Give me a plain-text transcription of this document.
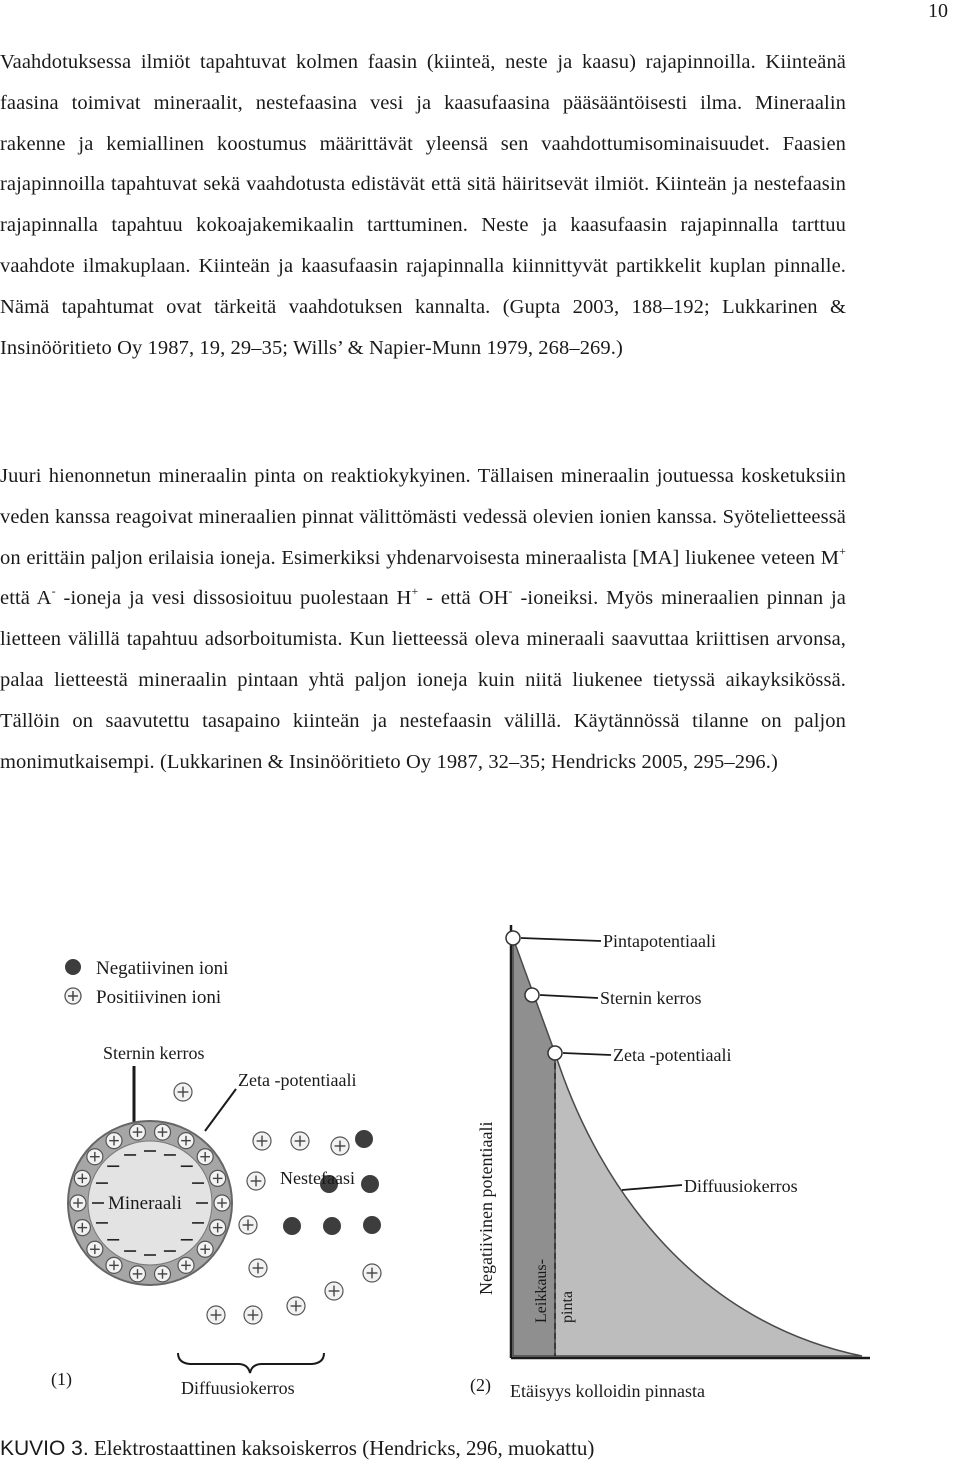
10

Vaahdotuksessa ilmiöt tapahtuvat kolmen faasin (kiinteä, neste ja kaasu) rajapinnoilla. Kiinteänä faasina toimivat mineraalit, nestefaasina vesi ja kaasufaasina pääsääntöisesti ilma. Mineraalin rakenne ja kemiallinen koostumus määrittävät yleensä sen vaahdottumisominaisuudet. Faasien rajapinnoilla tapahtuvat sekä vaahdotusta edistävät että sitä häiritsevät ilmiöt. Kiinteän ja nestefaasin rajapinnalla tapahtuu kokoajakemikaalin tarttuminen. Neste ja kaasufaasin rajapinnalla tarttuu vaahdote ilmakuplaan. Kiinteän ja kaasufaasin rajapinnalla kiinnittyvät partikkelit kuplan pinnalle. Nämä tapahtumat ovat tärkeitä vaahdotuksen kannalta. (Gupta 2003, 188–192; Lukkarinen & Insinööritieto Oy 1987, 19, 29–35; Wills’ & Napier-Munn 1979, 268–269.)

Juuri hienonnetun mineraalin pinta on reaktiokykyinen. Tällaisen mineraalin joutuessa kosketuksiin veden kanssa reagoivat mineraalien pinnat välittömästi vedessä olevien ionien kanssa. Syötelietteessä on erittäin paljon erilaisia ioneja. Esimerkiksi yhdenarvoisesta mineraalista [MA] liukenee veteen M+ että A- -ioneja ja vesi dissosioituu puolestaan H+ - että OH- -ioneiksi. Myös mineraalien pinnan ja lietteen välillä tapahtuu adsorboitumista. Kun lietteessä oleva mineraali saavuttaa kriittisen arvonsa, palaa lietteestä mineraalin pintaan yhtä paljon ioneja kuin niitä liukenee tietyssä aikayksikössä. Tällöin on saavutettu tasapaino kiinteän ja nestefaasin välillä. Käytännössä tilanne on paljon monimutkaisempi. (Lukkarinen & Insinööritieto Oy 1987, 32–35; Hendricks 2005, 295–296.)

Negatiivinen ioni
Positiivinen ioni
Sternin kerros
Zeta -potentiaali
Mineraali
Nestefaasi
Diffuusiokerros
(1)
Pintapotentiaali
Sternin kerros
Zeta -potentiaali
Diffuusiokerros
Negatiivinen potentiaali Leikkaus- pinta
Etäisyys kolloidin pinnasta
(2)

KUVIO 3. Elektrostaattinen kaksoiskerros (Hendricks, 296, muokattu)
